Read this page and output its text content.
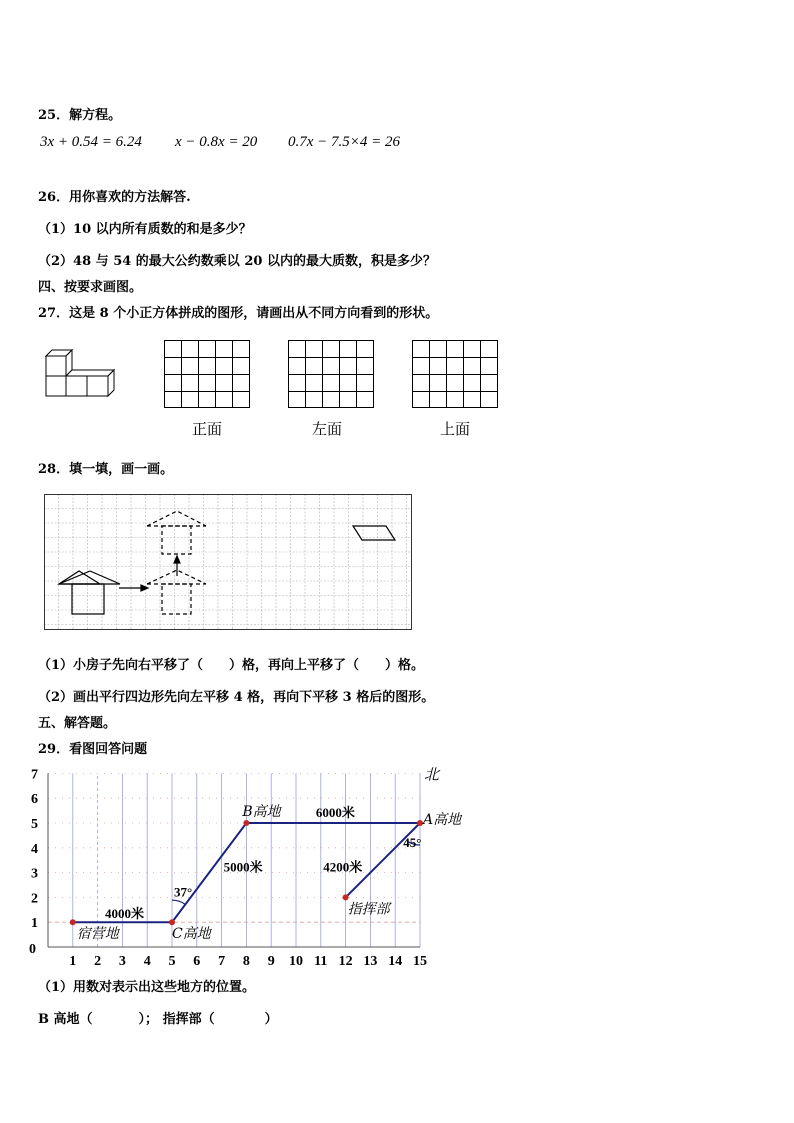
25．解方程。
3x + 0.54 = 6.24 x − 0.8x = 20 0.7x − 7.5×4 = 26
26．用你喜欢的方法解答.
（1）10 以内所有质数的和是多少？
（2）48 与 54 的最大公约数乘以 20 以内的最大质数，积是多少？
四、按要求画图。
27．这是 8 个小正方体拼成的图形，请画出从不同方向看到的形状。
正面	左面	上面
28．填一填，画一画。
（1）小房子先向右平移了（　　）格，再向上平移了（　　）格。
（2）画出平行四边形先向左平移 4 格，再向下平移 3 格后的图形。
五、解答题。
29．看图回答问题
1 2 3 4 5 6 7 8 9 10 11 12 13 14 15
1
2
3
4
5
6
7
0
北
宿营地	C高地
B高地	A高地
指挥部
4000米
5000米
6000米
4200米
37°
45°
（1）用数对表示出这些地方的位置。
B 高地（	）； 指挥部（	）
